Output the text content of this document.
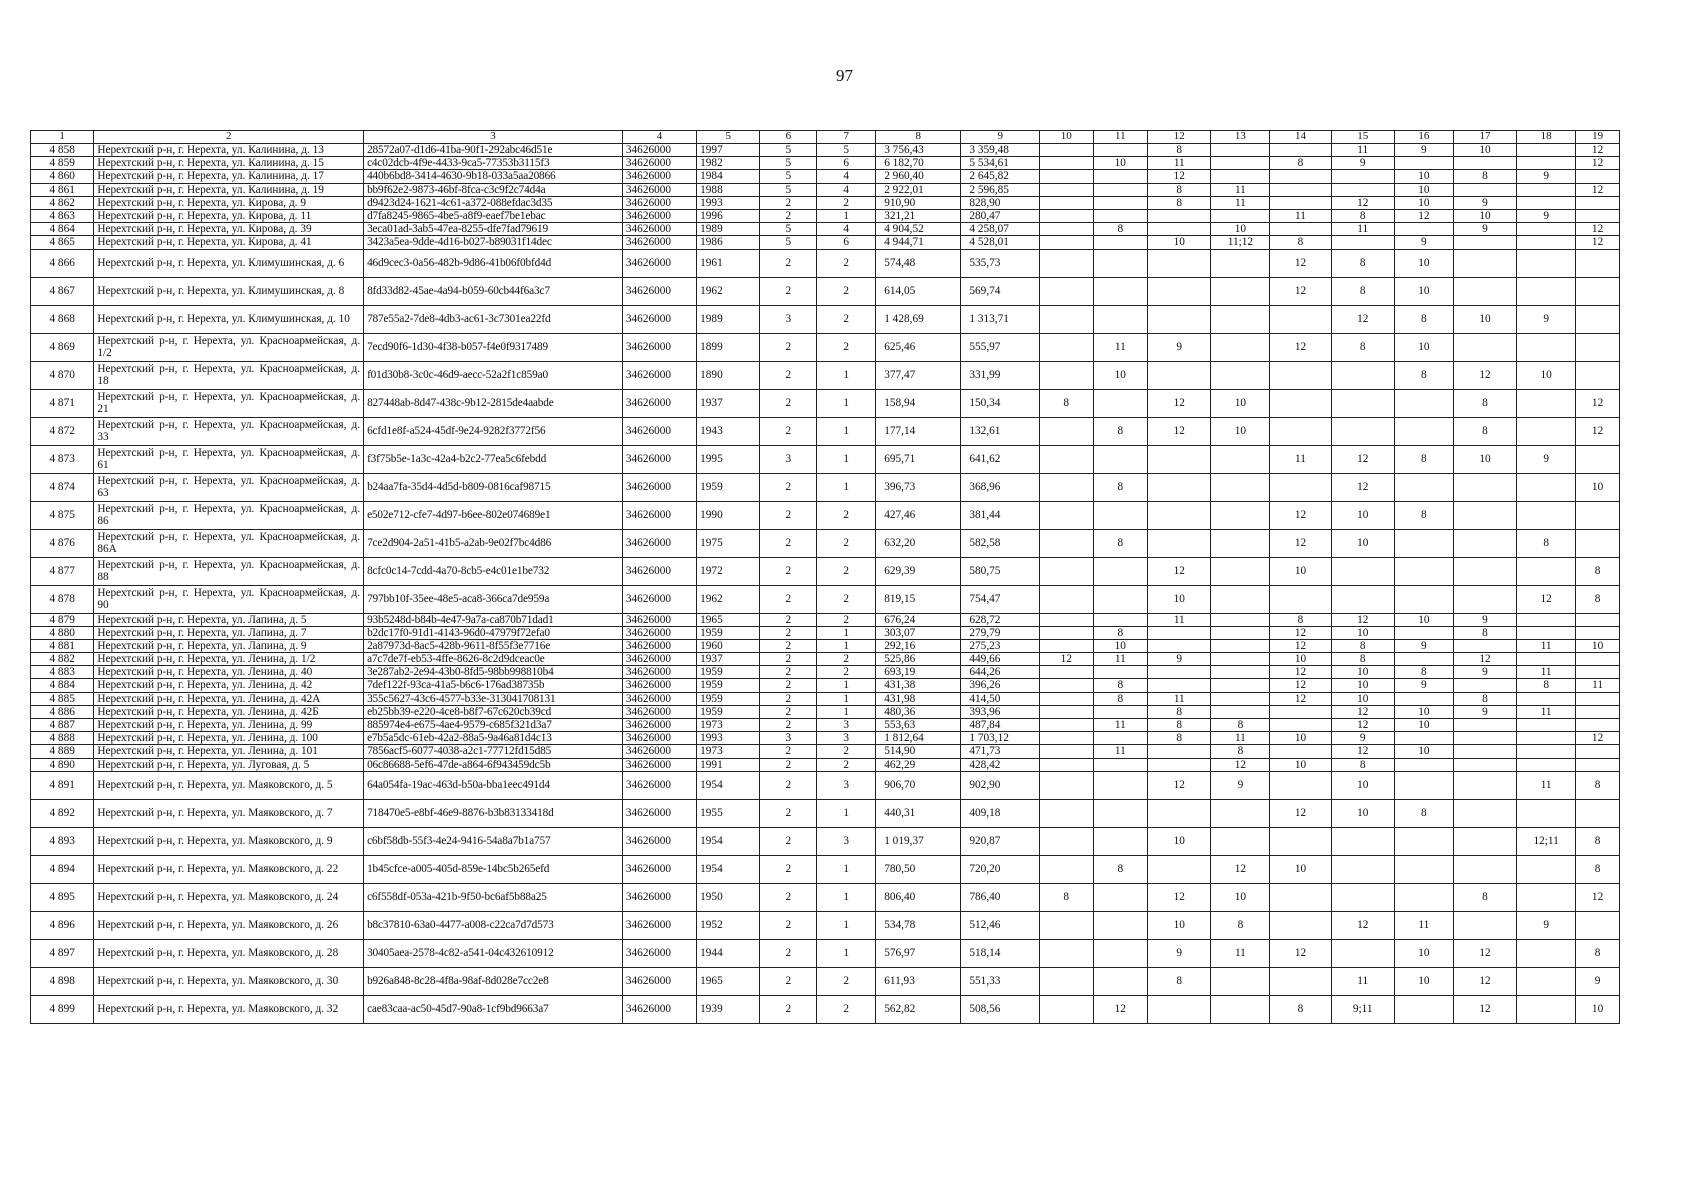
97
1	2	3	4	5	6	7	8	9	10	11	12	13	14	15	16	17	18	19
4 858	Нерехтский р-н, г. Нерехта, ул. Калинина, д. 13	28572a07-d1d6-41ba-90f1-292abc46d51e	34626000	1997	5	5	3 756,43	3 359,48			8			11	9	10		12
4 859	Нерехтский р-н, г. Нерехта, ул. Калинина, д. 15	c4c02dcb-4f9e-4433-9ca5-77353b3115f3	34626000	1982	5	6	6 182,70	5 534,61		10	11		8	9				12
4 860	Нерехтский р-н, г. Нерехта, ул. Калинина, д. 17	440b6bd8-3414-4630-9b18-033a5aa20866	34626000	1984	5	4	2 960,40	2 645,82			12				10	8	9	
4 861	Нерехтский р-н, г. Нерехта, ул. Калинина, д. 19	bb9f62e2-9873-46bf-8fca-c3c9f2c74d4a	34626000	1988	5	4	2 922,01	2 596,85			8	11			10			12
4 862	Нерехтский р-н, г. Нерехта, ул. Кирова, д. 9	d9423d24-1621-4c61-a372-088efdac3d35	34626000	1993	2	2	910,90	828,90			8	11		12	10	9		
4 863	Нерехтский р-н, г. Нерехта, ул. Кирова, д. 11	d7fa8245-9865-4be5-a8f9-eaef7be1ebac	34626000	1996	2	1	321,21	280,47					11	8	12	10	9	
4 864	Нерехтский р-н, г. Нерехта, ул. Кирова, д. 39	3eca01ad-3ab5-47ea-8255-dfe7fad79619	34626000	1989	5	4	4 904,52	4 258,07		8		10		11		9		12
4 865	Нерехтский р-н, г. Нерехта, ул. Кирова, д. 41	3423a5ea-9dde-4d16-b027-b89031f14dec	34626000	1986	5	6	4 944,71	4 528,01			10	11;12	8		9			12
4 866	Нерехтский р-н, г. Нерехта, ул. Климушинская, д. 6	46d9cec3-0a56-482b-9d86-41b06f0bfd4d	34626000	1961	2	2	574,48	535,73					12	8	10			
4 867	Нерехтский р-н, г. Нерехта, ул. Климушинская, д. 8	8fd33d82-45ae-4a94-b059-60cb44f6a3c7	34626000	1962	2	2	614,05	569,74					12	8	10			
4 868	Нерехтский р-н, г. Нерехта, ул. Климушинская, д. 10	787e55a2-7de8-4db3-ac61-3c7301ea22fd	34626000	1989	3	2	1 428,69	1 313,71						12	8	10	9	
4 869	Нерехтский р-н, г. Нерехта, ул. Красноармейская, д. 1/2	7ecd90f6-1d30-4f38-b057-f4e0f9317489	34626000	1899	2	2	625,46	555,97		11	9		12	8	10			
4 870	Нерехтский р-н, г. Нерехта, ул. Красноармейская, д. 18	f01d30b8-3c0c-46d9-aecc-52a2f1c859a0	34626000	1890	2	1	377,47	331,99		10					8	12	10	
4 871	Нерехтский р-н, г. Нерехта, ул. Красноармейская, д. 21	827448ab-8d47-438c-9b12-2815de4aabde	34626000	1937	2	1	158,94	150,34	8		12	10				8		12
4 872	Нерехтский р-н, г. Нерехта, ул. Красноармейская, д. 33	6cfd1e8f-a524-45df-9e24-9282f3772f56	34626000	1943	2	1	177,14	132,61		8	12	10				8		12
4 873	Нерехтский р-н, г. Нерехта, ул. Красноармейская, д. 61	f3f75b5e-1a3c-42a4-b2c2-77ea5c6febdd	34626000	1995	3	1	695,71	641,62					11	12	8	10	9	
4 874	Нерехтский р-н, г. Нерехта, ул. Красноармейская, д. 63	b24aa7fa-35d4-4d5d-b809-0816caf98715	34626000	1959	2	1	396,73	368,96		8				12				10
4 875	Нерехтский р-н, г. Нерехта, ул. Красноармейская, д. 86	e502e712-cfe7-4d97-b6ee-802e074689e1	34626000	1990	2	2	427,46	381,44					12	10	8			
4 876	Нерехтский р-н, г. Нерехта, ул. Красноармейская, д. 86А	7ce2d904-2a51-41b5-a2ab-9e02f7bc4d86	34626000	1975	2	2	632,20	582,58		8			12	10			8	
4 877	Нерехтский р-н, г. Нерехта, ул. Красноармейская, д. 88	8cfc0c14-7cdd-4a70-8cb5-e4c01e1be732	34626000	1972	2	2	629,39	580,75			12		10					8
4 878	Нерехтский р-н, г. Нерехта, ул. Красноармейская, д. 90	797bb10f-35ee-48e5-aca8-366ca7de959a	34626000	1962	2	2	819,15	754,47			10						12	8
4 879	Нерехтский р-н, г. Нерехта, ул. Лапина, д. 5	93b5248d-b84b-4e47-9a7a-ca870b71dad1	34626000	1965	2	2	676,24	628,72			11		8	12	10	9		
4 880	Нерехтский р-н, г. Нерехта, ул. Лапина, д. 7	b2dc17f0-91d1-4143-96d0-47979f72efa0	34626000	1959	2	1	303,07	279,79		8			12	10		8		
4 881	Нерехтский р-н, г. Нерехта, ул. Лапина, д. 9	2a87973d-8ac5-428b-9611-8f55f3e7716e	34626000	1960	2	1	292,16	275,23		10			12	8	9		11	10
4 882	Нерехтский р-н, г. Нерехта, ул. Ленина, д. 1/2	a7c7de7f-eb53-4ffe-8626-8c2d9dceac0e	34626000	1937	2	2	525,86	449,66	12	11	9		10	8		12		
4 883	Нерехтский р-н, г. Нерехта, ул. Ленина, д. 40	3e287ab2-2e94-43b0-8fd5-98bb998810b4	34626000	1959	2	2	693,19	644,26					12	10	8	9	11	
4 884	Нерехтский р-н, г. Нерехта, ул. Ленина, д. 42	7def122f-93ca-41a5-b6c6-176ad38735b	34626000	1959	2	1	431,38	396,26		8			12	10	9		8	11
4 885	Нерехтский р-н, г. Нерехта, ул. Ленина, д. 42А	355c5627-43c6-4577-b33e-313041708131	34626000	1959	2	1	431,98	414,50		8	11		12	10		8		
4 886	Нерехтский р-н, г. Нерехта, ул. Ленина, д. 42Б	eb25bb39-e220-4ce8-b8f7-67c620cb39cd	34626000	1959	2	1	480,36	393,96			8			12	10	9	11	
4 887	Нерехтский р-н, г. Нерехта, ул. Ленина, д. 99	885974e4-e675-4ae4-9579-c685f321d3a7	34626000	1973	2	3	553,63	487,84		11	8	8		12	10			
4 888	Нерехтский р-н, г. Нерехта, ул. Ленина, д. 100	e7b5a5dc-61eb-42a2-88a5-9a46a81d4c13	34626000	1993	3	3	1 812,64	1 703,12			8	11	10	9				12
4 889	Нерехтский р-н, г. Нерехта, ул. Ленина, д. 101	7856acf5-6077-4038-a2c1-77712fd15d85	34626000	1973	2	2	514,90	471,73		11		8		12	10			
4 890	Нерехтский р-н, г. Нерехта, ул. Луговая, д. 5	06c86688-5ef6-47de-a864-6f943459dc5b	34626000	1991	2	2	462,29	428,42				12	10	8				
4 891	Нерехтский р-н, г. Нерехта, ул. Маяковского, д. 5	64a054fa-19ac-463d-b50a-bba1eec491d4	34626000	1954	2	3	906,70	902,90			12	9		10			11	8
4 892	Нерехтский р-н, г. Нерехта, ул. Маяковского, д. 7	718470e5-e8bf-46e9-8876-b3b83133418d	34626000	1955	2	1	440,31	409,18					12	10	8			
4 893	Нерехтский р-н, г. Нерехта, ул. Маяковского, д. 9	c6bf58db-55f3-4e24-9416-54a8a7b1a757	34626000	1954	2	3	1 019,37	920,87			10						12;11	8
4 894	Нерехтский р-н, г. Нерехта, ул. Маяковского, д. 22	1b45cfce-a005-405d-859e-14bc5b265efd	34626000	1954	2	1	780,50	720,20		8		12	10					8
4 895	Нерехтский р-н, г. Нерехта, ул. Маяковского, д. 24	c6f558df-053a-421b-9f50-bc6af5b88a25	34626000	1950	2	1	806,40	786,40	8		12	10				8		12
4 896	Нерехтский р-н, г. Нерехта, ул. Маяковского, д. 26	b8c37810-63a0-4477-a008-c22ca7d7d573	34626000	1952	2	1	534,78	512,46			10	8		12	11		9	
4 897	Нерехтский р-н, г. Нерехта, ул. Маяковского, д. 28	30405aea-2578-4c82-a541-04c432610912	34626000	1944	2	1	576,97	518,14			9	11	12		10	12		8
4 898	Нерехтский р-н, г. Нерехта, ул. Маяковского, д. 30	b926a848-8c28-4f8a-98af-8d028e7cc2e8	34626000	1965	2	2	611,93	551,33			8			11	10	12		9
4 899	Нерехтский р-н, г. Нерехта, ул. Маяковского, д. 32	cae83caa-ac50-45d7-90a8-1cf9bd9663a7	34626000	1939	2	2	562,82	508,56		12			8	9;11		12		10
